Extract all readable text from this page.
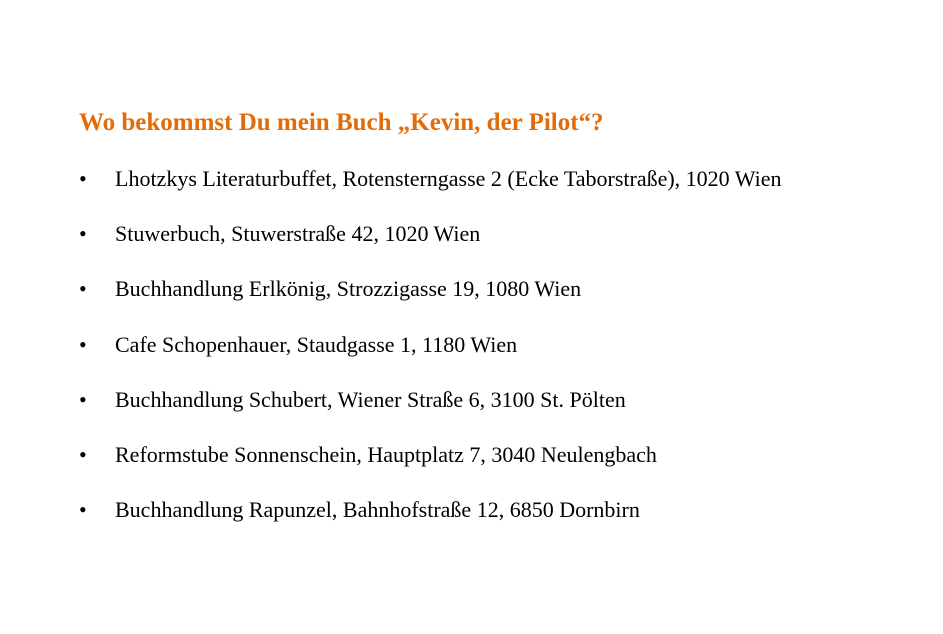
Wo bekommst Du mein Buch „Kevin, der Pilot“?
• Lhotzkys Literaturbuffet, Rotensterngasse 2 (Ecke Taborstraße), 1020 Wien
• Stuwerbuch, Stuwerstraße 42, 1020 Wien
• Buchhandlung Erlkönig, Strozzigasse 19, 1080 Wien
• Cafe Schopenhauer, Staudgasse 1, 1180 Wien
• Buchhandlung Schubert, Wiener Straße 6, 3100 St. Pölten
• Reformstube Sonnenschein, Hauptplatz 7, 3040 Neulengbach
• Buchhandlung Rapunzel, Bahnhofstraße 12, 6850 Dornbirn
